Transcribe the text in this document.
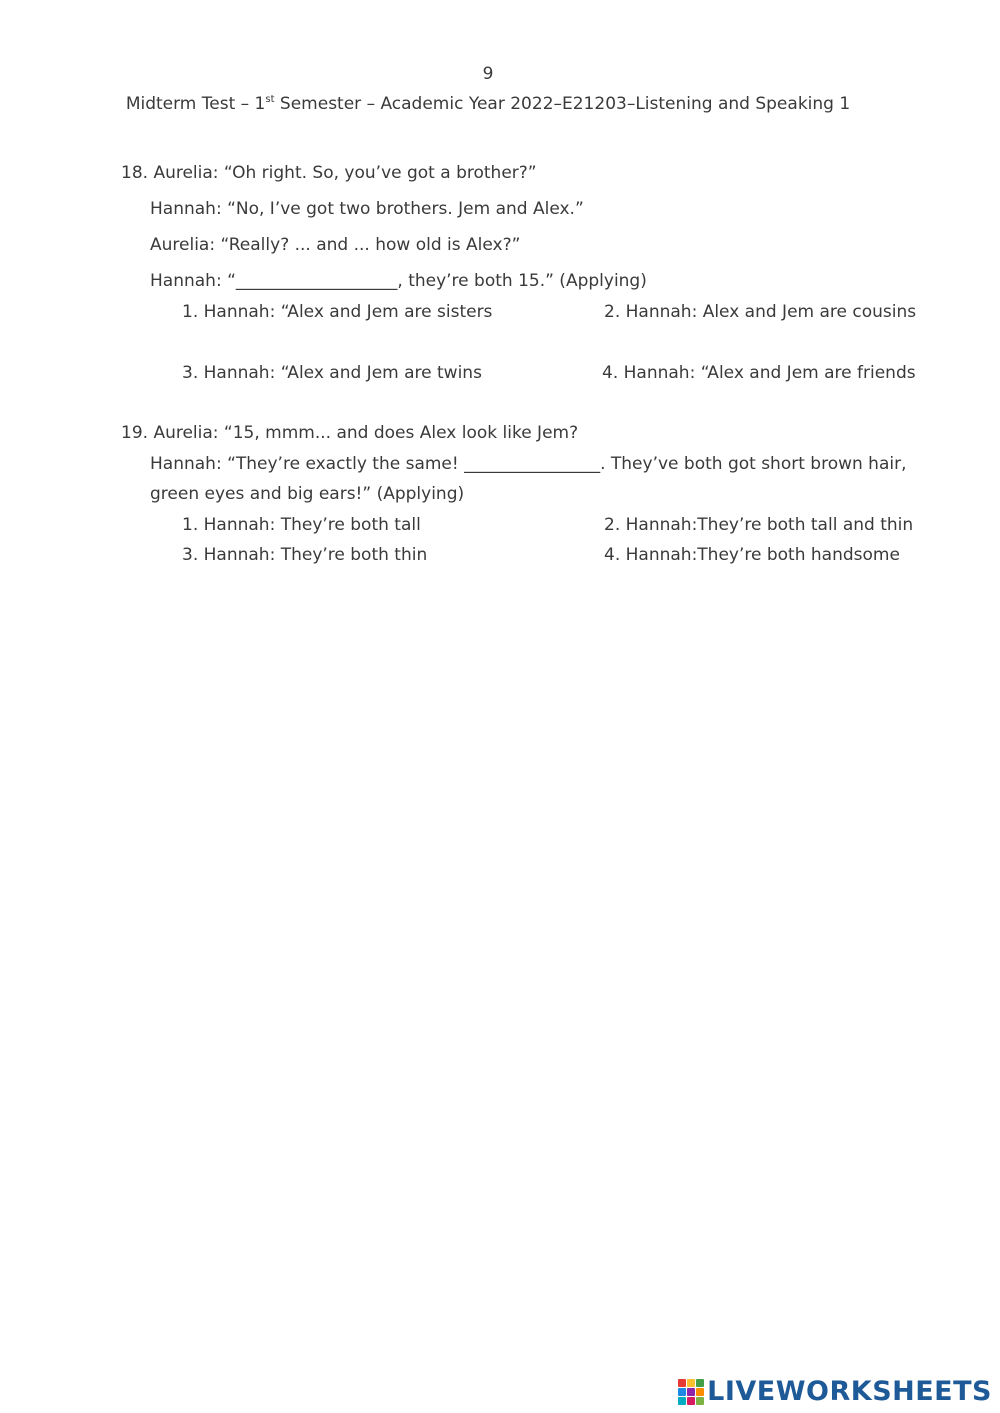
9
Midterm Test – 1st Semester – Academic Year 2022–E21203–Listening and Speaking 1
18. Aurelia: “Oh right. So, you’ve got a brother?”
Hannah: “No, I’ve got two brothers. Jem and Alex.”
Aurelia: “Really? ... and ... how old is Alex?”
Hannah: “___________________, they’re both 15.” (Applying)
1. Hannah: “Alex and Jem are sisters	2. Hannah: Alex and Jem are cousins
3. Hannah: “Alex and Jem are twins	4. Hannah: “Alex and Jem are friends
19. Aurelia: “15, mmm... and does Alex look like Jem?
Hannah: “They’re exactly the same! ________________. They’ve both got short brown hair,
green eyes and big ears!” (Applying)
1. Hannah: They’re both tall	2. Hannah:They’re both tall and thin
3. Hannah: They’re both thin	4. Hannah:They’re both handsome
LIVEWORKSHEETS
